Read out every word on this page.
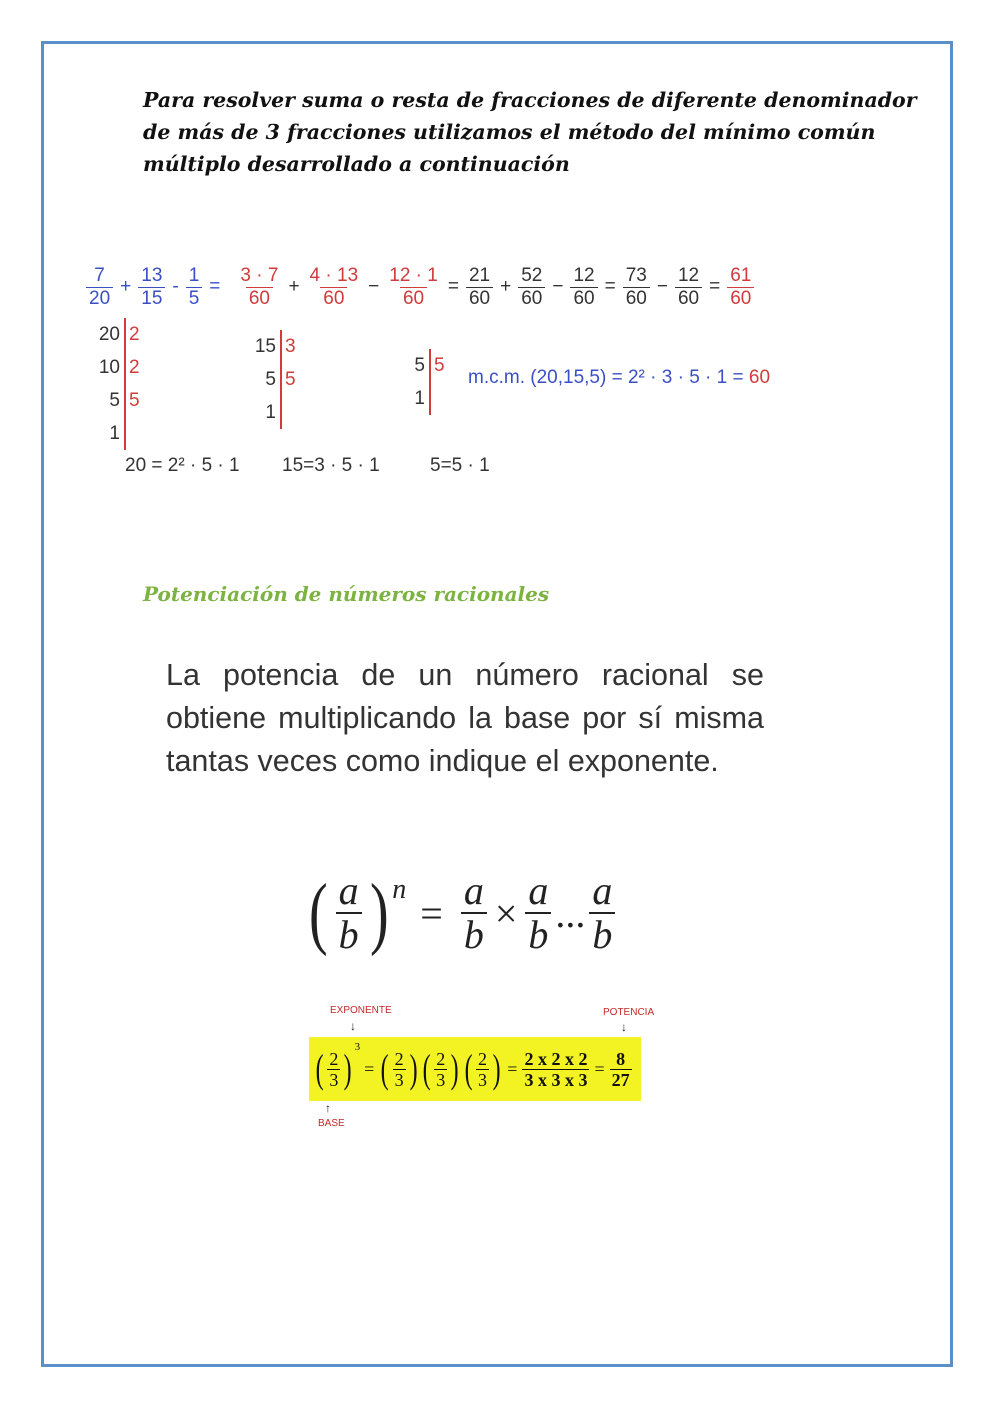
Para resolver suma o resta de fracciones de diferente denominador de más de 3 fracciones utilizamos el método del mínimo común múltiplo desarrollado a continuación
$\frac{7}{20} + \frac{13}{15} - \frac{1}{5} = \frac{3 \cdot 7}{60} + \frac{4 \cdot 13}{60} - \frac{12 \cdot 1}{60} = \frac{21}{60} + \frac{52}{60} - \frac{12}{60} = \frac{73}{60} - \frac{12}{60} = \frac{61}{60}$
20 2
10 2
5 5
1
15 3
5 5
1
5 5
1
m.c.m. (20,15,5) = 2² · 3 · 5 · 1 = 60
20 = 2² · 5 · 1 15=3 · 5 · 1	5=5 · 1
Potenciación de números racionales
La potencia de un número racional se obtiene multiplicando la base por sí misma tantas veces como indique el exponente.
( $\frac{a}{b}$ ) n
= $\frac{a}{b} \times \frac{a}{b}$ ... $\frac{a}{b}$
EXPONENTE
↓
POTENCIA
↓
( $\frac{2}{3}$ ) 3
= ( $\frac{2}{3}$ ) ( $\frac{2}{3}$ ) ( $\frac{2}{3}$ ) = $\frac{2 x 2 x 2}{3 x 3 x 3} = \frac{8}{27}$
↑
BASE
